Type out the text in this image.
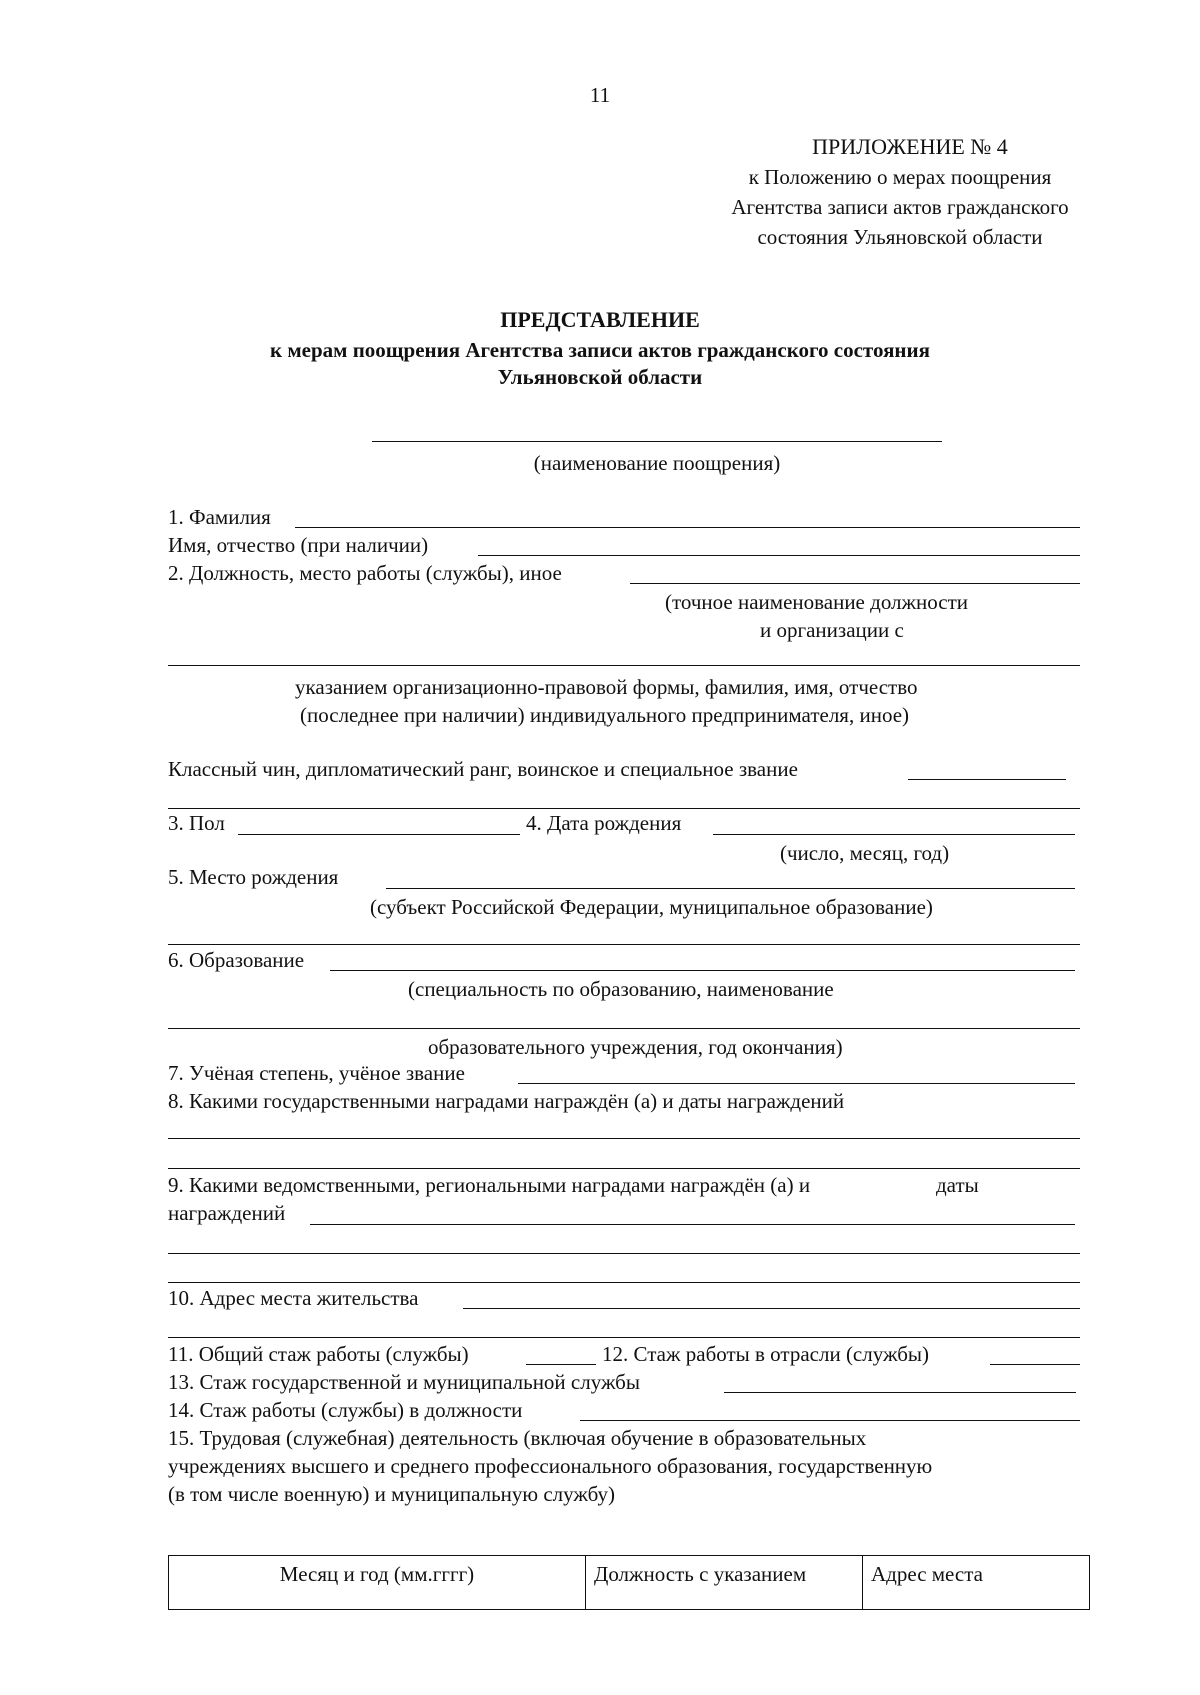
11
ПРИЛОЖЕНИЕ № 4
к Положению о мерах поощрения
Агентства записи актов гражданского
состояния Ульяновской области
ПРЕДСТАВЛЕНИЕ
к мерам поощрения Агентства записи актов гражданского состояния
Ульяновской области
(наименование поощрения)
1. Фамилия
Имя, отчество (при наличии)
2. Должность, место работы (службы), иное
(точное наименование должности
и организации с
указанием организационно-правовой формы, фамилия, имя, отчество
(последнее при наличии) индивидуального предпринимателя, иное)
Классный чин, дипломатический ранг, воинское и специальное звание
3. Пол	4. Дата рождения
(число, месяц, год)
5. Место рождения
(субъект Российской Федерации, муниципальное образование)
6. Образование
(специальность по образованию, наименование
образовательного учреждения, год окончания)
7. Учёная степень, учёное звание
8. Какими государственными наградами награждён (а) и даты награждений
9. Какими ведомственными, региональными наградами награждён (а) и	даты
награждений
10. Адрес места жительства
11. Общий стаж работы (службы)	12. Стаж работы в отрасли (службы)
13. Стаж государственной и муниципальной службы
14. Стаж работы (службы) в должности
15. Трудовая (служебная) деятельность (включая обучение в образовательных
учреждениях высшего и среднего профессионального образования, государственную
(в том числе военную) и муниципальную службу)
Месяц и год (мм.гггг)	Должность с указанием	Адрес места
